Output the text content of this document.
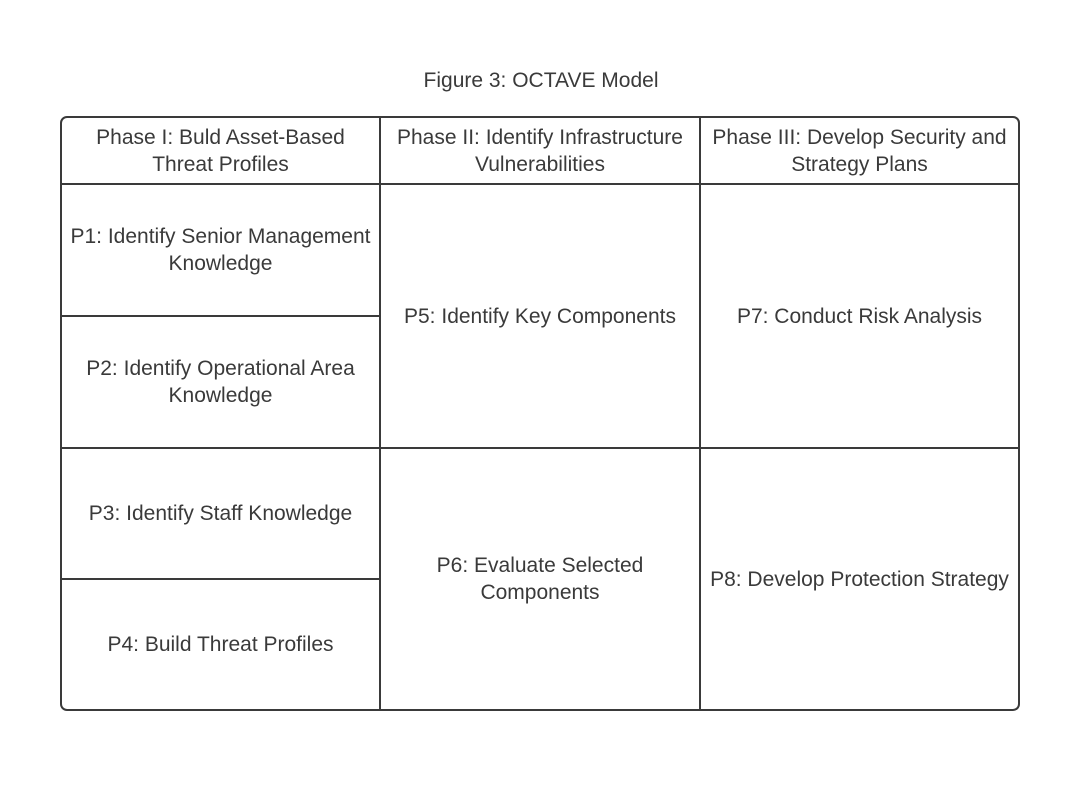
Figure 3: OCTAVE Model
Phase I: Buld Asset-Based Threat Profiles
Phase II: Identify Infrastructure Vulnerabilities
Phase III: Develop Security and Strategy Plans
P1: Identify Senior Management Knowledge
P2: Identify Operational Area Knowledge
P3: Identify Staff Knowledge
P4: Build Threat Profiles
P5: Identify Key Components
P6: Evaluate Selected Components
P7: Conduct Risk Analysis
P8: Develop Protection Strategy
